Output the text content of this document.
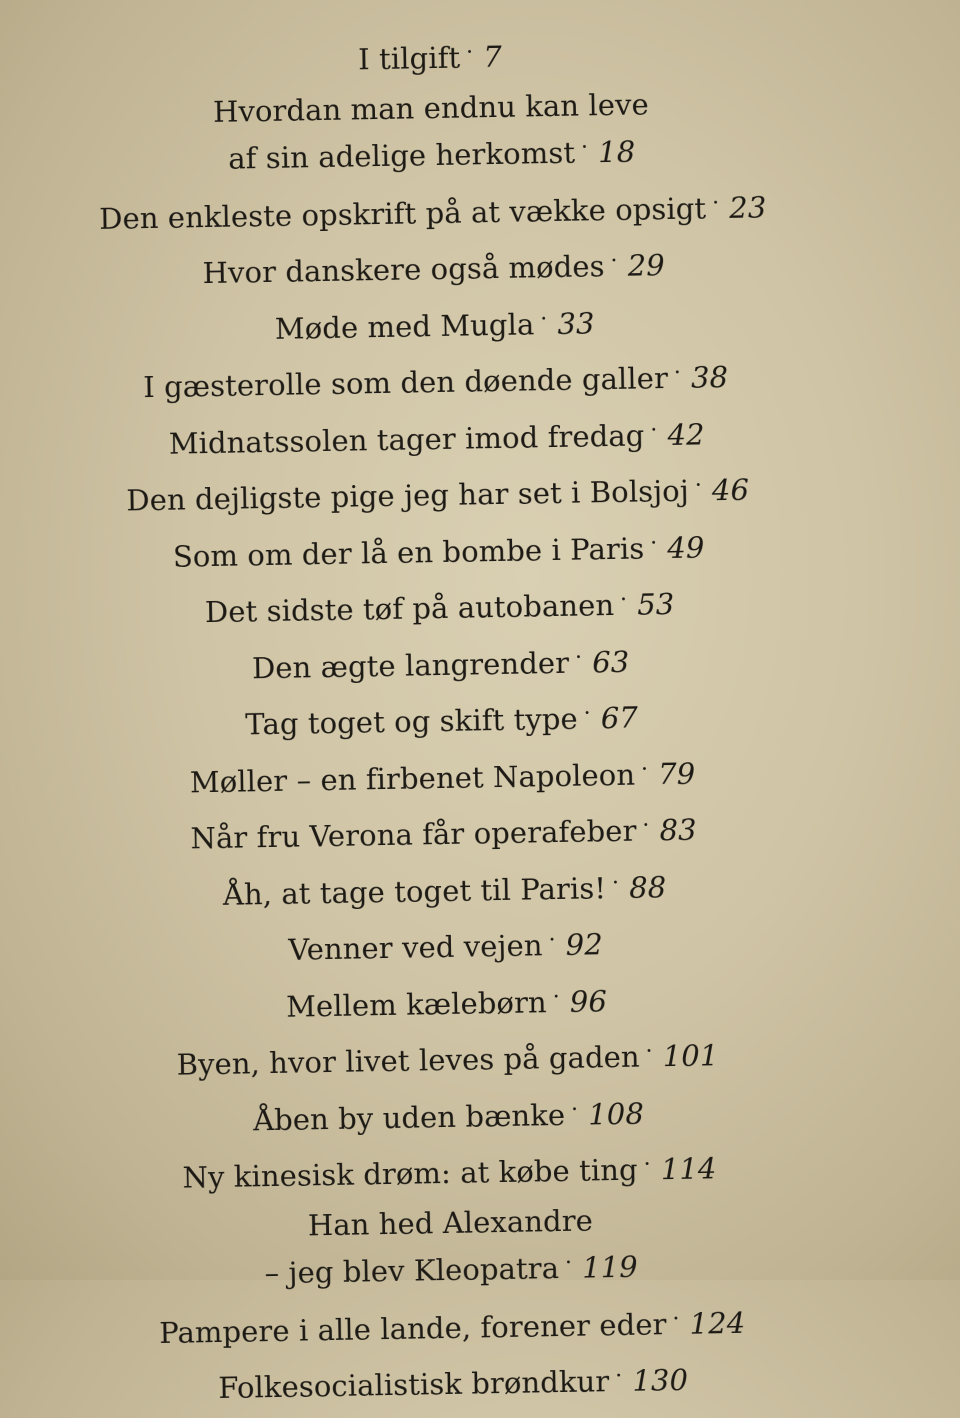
I tilgift · 7
Hvordan man endnu kan leve
af sin adelige herkomst · 18
Den enkleste opskrift på at vække opsigt · 23
Hvor danskere også mødes · 29
Møde med Mugla · 33
I gæsterolle som den døende galler · 38
Midnatssolen tager imod fredag · 42
Den dejligste pige jeg har set i Bolsjoj · 46
Som om der lå en bombe i Paris · 49
Det sidste tøf på autobanen · 53
Den ægte langrender · 63
Tag toget og skift type · 67
Møller – en firbenet Napoleon · 79
Når fru Verona får operafeber · 83
Åh, at tage toget til Paris! · 88
Venner ved vejen · 92
Mellem kælebørn · 96
Byen, hvor livet leves på gaden · 101
Åben by uden bænke · 108
Ny kinesisk drøm: at købe ting · 114
Han hed Alexandre
– jeg blev Kleopatra · 119
Pampere i alle lande, forener eder · 124
Folkesocialistisk brøndkur · 130
